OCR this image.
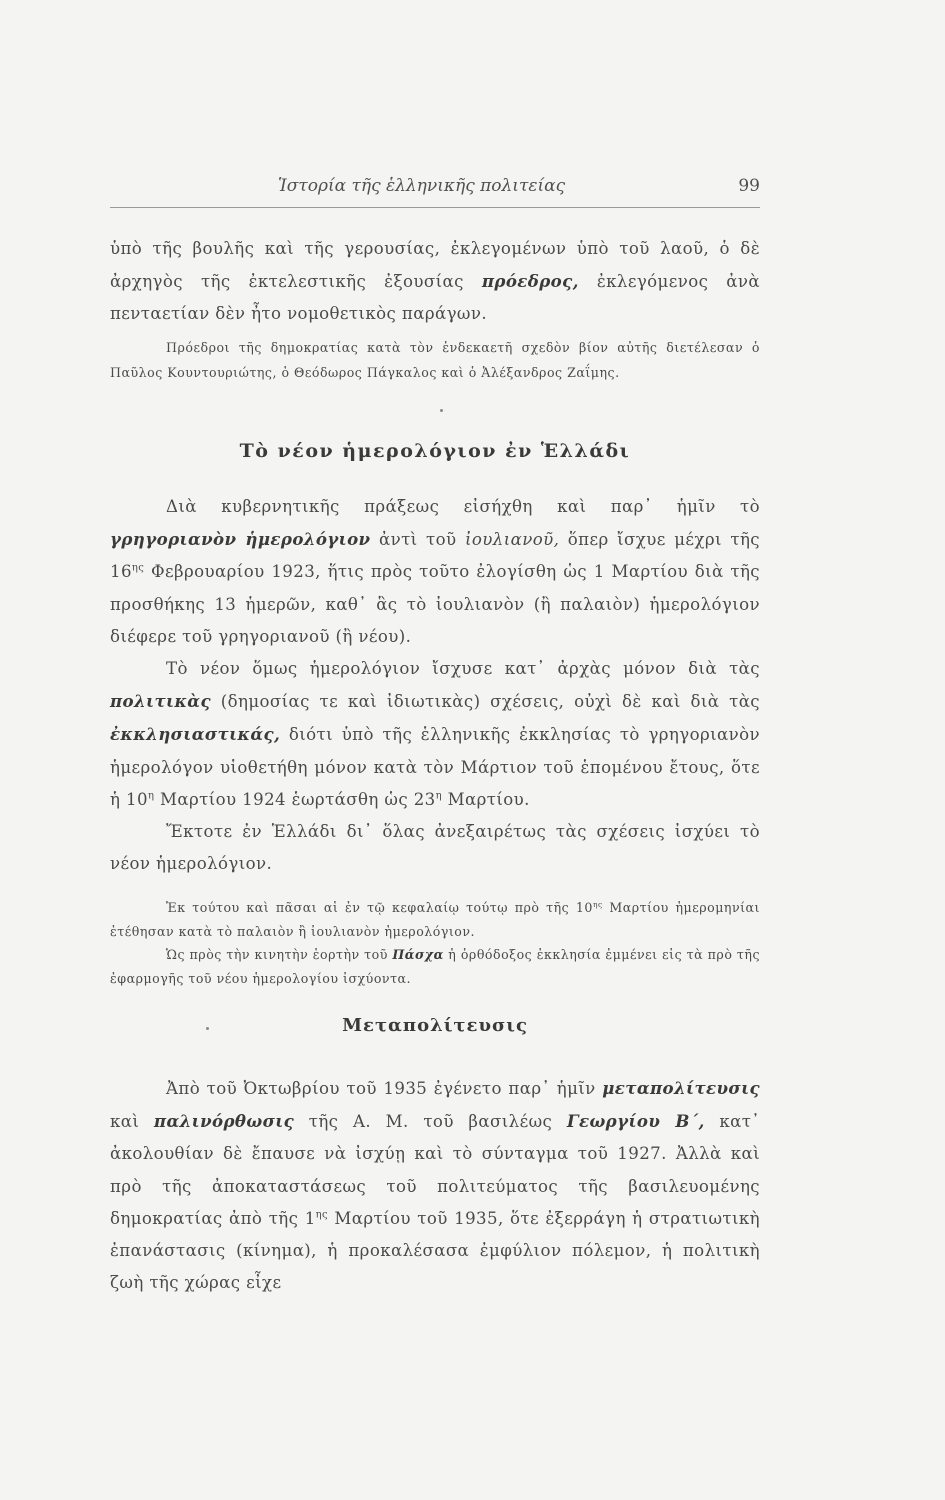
Ἱστορία τῆς ἑλληνικῆς πολιτείας	99

ὑπὸ τῆς βουλῆς καὶ τῆς γερουσίας, ἐκλεγομένων ὑπὸ τοῦ λαοῦ, ὁ δὲ ἀρχηγὸς τῆς ἐκτελεστικῆς ἐξουσίας πρόεδρος, ἐκλεγόμενος ἀνὰ πενταετίαν δὲν ἦτο νομοθετικὸς παράγων.

Πρόεδροι τῆς δημοκρατίας κατὰ τὸν ἑνδεκαετῆ σχεδὸν βίον αὐτῆς διετέλεσαν ὁ Παῦλος Κουντουριώτης, ὁ Θεόδωρος Πάγκαλος καὶ ὁ Ἀλέξανδρος Ζαΐμης.

Τὸ νέον ἡμερολόγιον ἐν Ἑλλάδι

Διὰ κυβερνητικῆς πράξεως εἰσήχθη καὶ παρ᾿ ἡμῖν τὸ γρηγοριανὸν ἡμερολόγιον ἀντὶ τοῦ ἰουλιανοῦ, ὅπερ ἴσχυε μέχρι τῆς $16^{\eta\varsigma}$ Φεβρουαρίου 1923, ἥτις πρὸς τοῦτο ἐλογίσθη ὡς 1 Μαρτίου διὰ τῆς προσθήκης 13 ἡμερῶν, καθ᾿ ἃς τὸ ἰουλιανὸν (ἢ παλαιὸν) ἡμερολόγιον διέφερε τοῦ γρηγοριανοῦ (ἢ νέου).

Τὸ νέον ὅμως ἡμερολόγιον ἴσχυσε κατ᾿ ἀρχὰς μόνον διὰ τὰς πολιτικὰς (δημοσίας τε καὶ ἰδιωτικὰς) σχέσεις, οὐχὶ δὲ καὶ διὰ τὰς ἐκκλησιαστικάς, διότι ὑπὸ τῆς ἑλληνικῆς ἐκκλησίας τὸ γρηγοριανὸν ἡμερολόγον υἱοθετήθη μόνον κατὰ τὸν Μάρτιον τοῦ ἑπομένου ἔτους, ὅτε ἡ $10^\eta$ Μαρτίου 1924 ἑωρτάσθη ὡς $23^\eta$ Μαρτίου.

Ἔκτοτε ἐν Ἑλλάδι δι᾿ ὅλας ἀνεξαιρέτως τὰς σχέσεις ἰσχύει τὸ νέον ἡμερολόγιον.

Ἐκ τούτου καὶ πᾶσαι αἱ ἐν τῷ κεφαλαίῳ τούτῳ πρὸ τῆς $10^{\eta\varsigma}$ Μαρτίου ἡμερομηνίαι ἐτέθησαν κατὰ τὸ παλαιὸν ἢ ἰουλιανὸν ἡμερολόγιον.

Ὡς πρὸς τὴν κινητὴν ἑορτὴν τοῦ Πάσχα ἡ ὀρθόδοξος ἐκκλησία ἐμμένει εἰς τὰ πρὸ τῆς ἐφαρμογῆς τοῦ νέου ἡμερολογίου ἰσχύοντα.

Μεταπολίτευσις

Ἀπὸ τοῦ Ὀκτωβρίου τοῦ 1935 ἐγένετο παρ᾿ ἡμῖν μεταπολίτευσις καὶ παλινόρθωσις τῆς Α. Μ. τοῦ βασιλέως Γεωργίου Β΄, κατ᾿ ἀκολουθίαν δὲ ἔπαυσε νὰ ἰσχύῃ καὶ τὸ σύνταγμα τοῦ 1927. Ἀλλὰ καὶ πρὸ τῆς ἀποκαταστάσεως τοῦ πολιτεύματος τῆς βασιλευομένης δημοκρατίας ἀπὸ τῆς $1^{\eta\varsigma}$ Μαρτίου τοῦ 1935, ὅτε ἐξερράγη ἡ στρατιωτικὴ ἐπανάστασις (κίνημα), ἡ προκαλέσασα ἐμφύλιον πόλεμον, ἡ πολιτικὴ ζωὴ τῆς χώρας εἶχε
